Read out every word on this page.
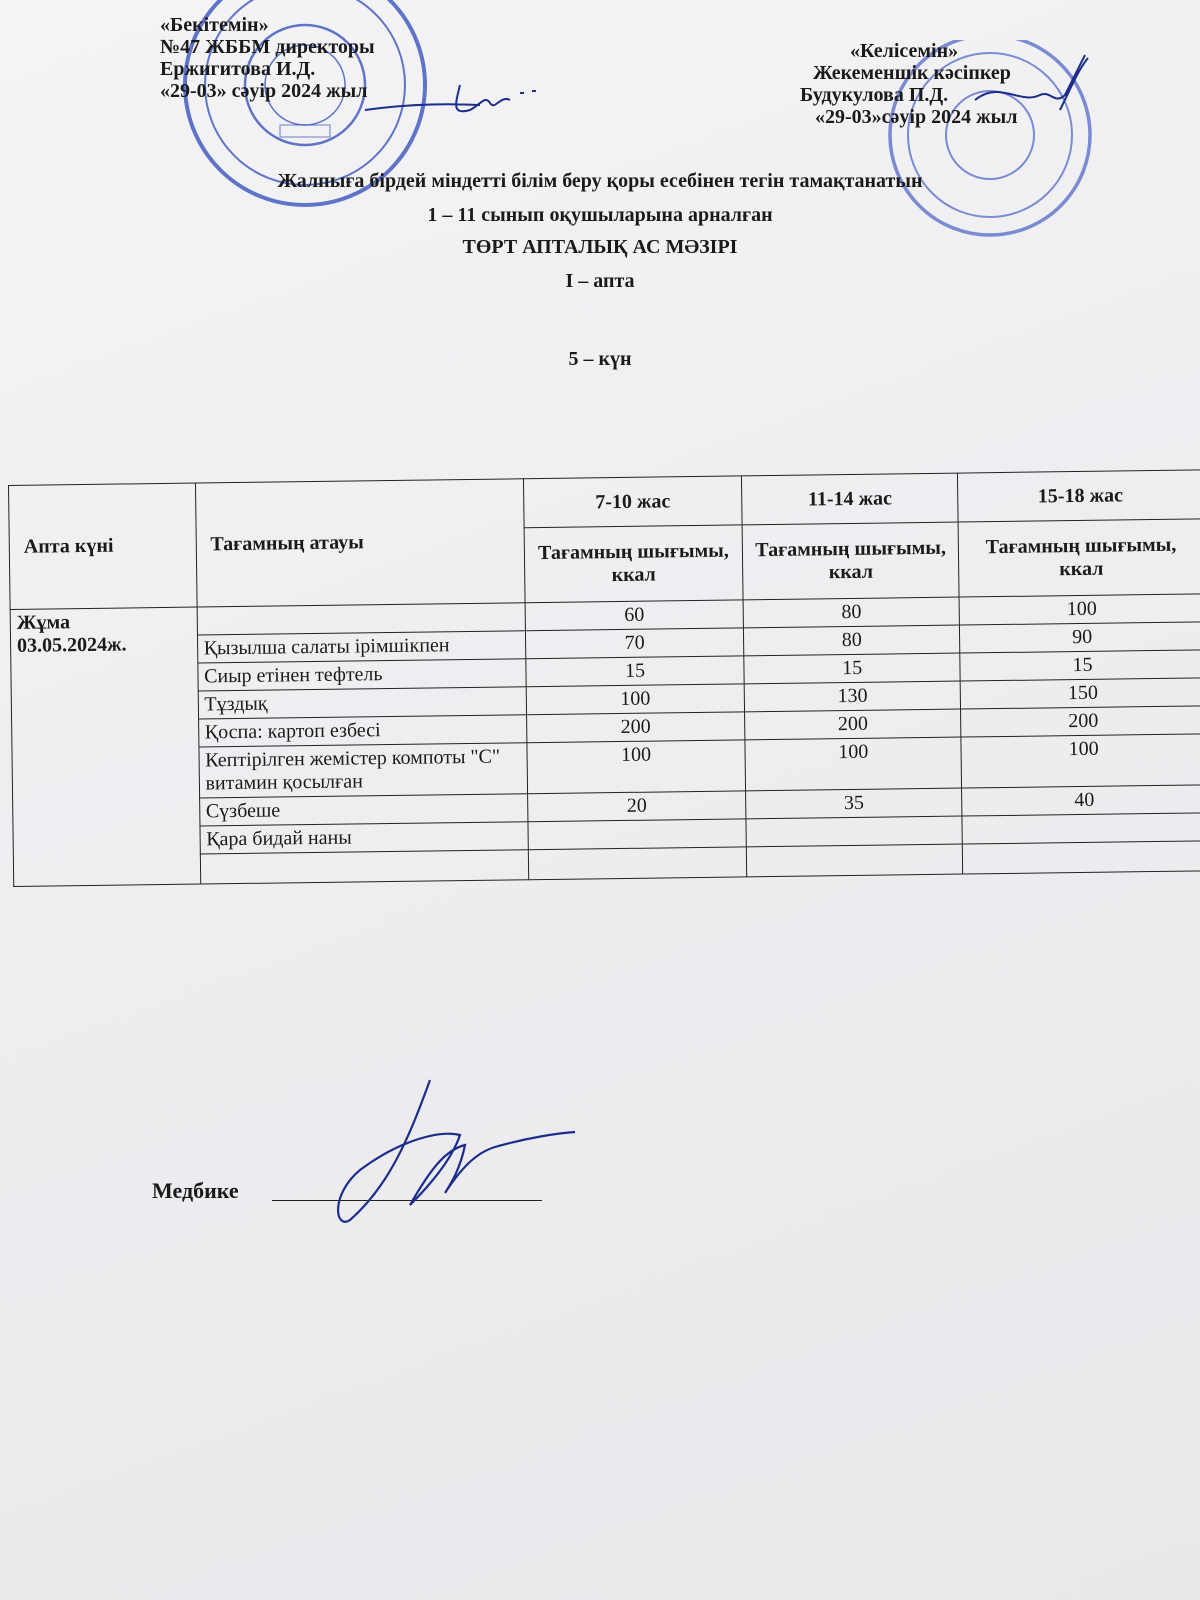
«Бекітемін»
№47 ЖББМ директоры
Ержигитова И.Д.
«29-03» сәуір 2024 жыл
«Келісемін»
Жекеменшік кәсіпкер
Будукулова П.Д.
«29-03»сәуір 2024 жыл
Жалпыға бірдей міндетті білім беру қоры есебінен тегін тамақтанатын
1 – 11 сынып оқушыларына арналған
ТӨРТ АПТАЛЫҚ АС МӘЗІРІ
І – апта
5 – күн
Апта күні	Тағамның атауы	7-10 жас	11-14 жас	15-18 жас
		Тағамның шығымы, ккал	Тағамның шығымы, ккал	Тағамның шығымы, ккал

Жұма
03.05.2024ж.		60	80	100
	Қызылша салаты ірімшікпен	70	80	90
	Сиыр етінен тефтель	15	15	15
	Тұздық	100	130	150
	Қоспа: картоп езбесі	200	200	200
	Кептірілген жемістер компоты "С" витамин қосылған	100	100	100
	Сүзбеше	20	35	40
	Қара бидай наны			

Медбике
